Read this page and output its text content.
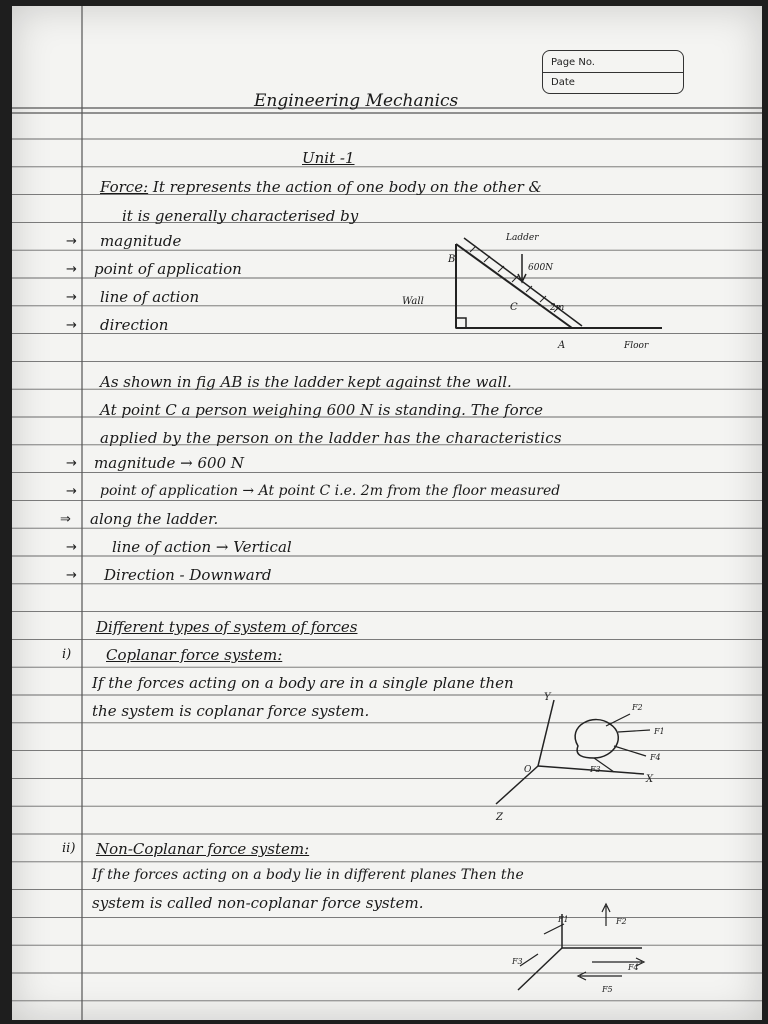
Page No.
Date
Engineering Mechanics
Unit -1
Force: It represents the action of one body on the other &
it is generally characterised by
→ magnitude
→ point of application
→ line of action
→ direction
B
Ladder
600N
C	2m
Wall
A	Floor
As shown in fig AB is the ladder kept against the wall.
At point C a person weighing 600 N is standing. The force
applied by the person on the ladder has the characteristics
→ magnitude → 600 N
→ point of application → At point C i.e. 2m from the floor measured
⇒ along the ladder.
→ line of action → Vertical
→ Direction - Downward
Different types of system of forces
i) Coplanar force system:
If the forces acting on a body are in a single plane then
the system is coplanar force system.
Y
X
Z
O
F1
F2
F3
F4
ii) Non-Coplanar force system:
If the forces acting on a body lie in different planes Then the
system is called non-coplanar force system.
F1	F2
F3
F4
F5
